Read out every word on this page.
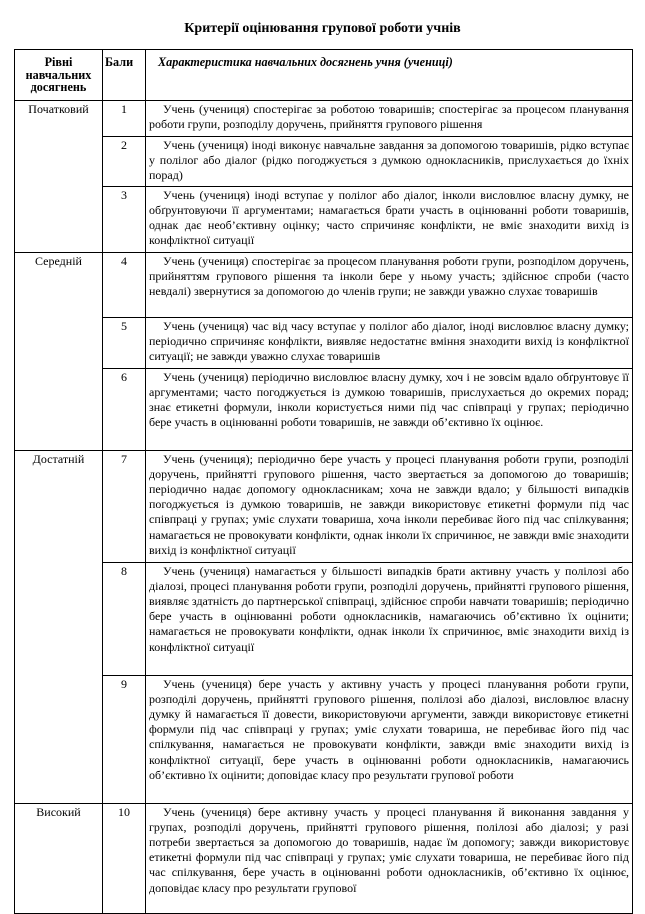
Критерії оцінювання групової роботи учнів
Рівні навчальних досягнень	Бали	Характеристика навчальних досягнень учня (учениці)
Початковий	1	Учень (учениця) спостерігає за роботою товаришів; спостерігає за процесом планування роботи групи, розподілу доручень, прийняття групового рішення

	2	Учень (учениця) іноді виконує навчальне завдання за допомогою товаришів, рідко вступає у полілог або діалог (рідко погоджується з думкою однокласників, прислухається до їхніх порад)

	3	Учень (учениця) іноді вступає у полілог або діалог, інколи висловлює власну думку, не обґрунтовуючи її аргументами; намагається брати участь в оцінюванні роботи товаришів, однак дає необ’єктивну оцінку; часто спричиняє конфлікти, не вміє знаходити вихід із конфліктної ситуації

Середній	4	Учень (учениця) спостерігає за процесом планування роботи групи, розподілом доручень, прийняттям групового рішення та інколи бере у ньому участь; здійснює спроби (часто невдалі) звернутися за допомогою до членів групи; не завжди уважно слухає товаришів

	5	Учень (учениця) час від часу вступає у полілог або діалог, іноді висловлює власну думку; періодично спричиняє конфлікти, виявляє недостатнє вміння знаходити вихід із конфліктної ситуації; не завжди уважно слухає товаришів

	6	Учень (учениця) періодично висловлює власну думку, хоч і не зовсім вдало обґрунтовує її аргументами; часто погоджується із думкою товаришів, прислухається до окремих порад; знає етикетні формули, інколи користується ними під час співпраці у групах; періодично бере участь в оцінюванні роботи товаришів, не завжди об’єктивно їх оцінює.

Достатній	7	Учень (учениця); періодично бере участь у процесі планування роботи групи, розподілі доручень, прийнятті групового рішення, часто звертається за допомогою до товаришів; періодично надає допомогу однокласникам; хоча не завжди вдало; у більшості випадків погоджується із думкою товаришів, не завжди використовує етикетні формули під час співпраці у групах; уміє слухати товариша, хоча інколи перебиває його під час спілкування; намагається не провокувати конфлікти, однак інколи їх спричинює, не завжди вміє знаходити вихід із конфліктної ситуації

	8	Учень (учениця) намагається у більшості випадків брати активну участь у полілозі або діалозі, процесі планування роботи групи, розподілі доручень, прийнятті групового рішення, виявляє здатність до партнерської співпраці, здійснює спроби навчати товаришів; періодично бере участь в оцінюванні роботи однокласників, намагаючись об’єктивно їх оцінити; намагається не провокувати конфлікти, однак інколи їх спричинює, вміє знаходити вихід із конфліктної ситуації

	9	Учень (учениця) бере участь у активну участь у процесі планування роботи групи, розподілі доручень, прийнятті групового рішення, полілозі або діалозі, висловлює власну думку й намагається її довести, використовуючи аргументи, завжди використовує етикетні формули під час співпраці у групах; уміє слухати товариша, не перебиває його під час спілкування, намагається не провокувати конфлікти, завжди вміє знаходити вихід із конфліктної ситуації, бере участь в оцінюванні роботи однокласників, намагаючись об’єктивно їх оцінити; доповідає класу про результати групової роботи

Високий	10	Учень (учениця) бере активну участь у процесі планування й виконання завдання у групах, розподілі доручень, прийнятті групового рішення, полілозі або діалозі; у разі потреби звертається за допомогою до товаришів, надає їм допомогу; завжди використовує етикетні формули під час співпраці у групах; уміє слухати товариша, не перебиває його під час спілкування, бере участь в оцінюванні роботи однокласників, об’єктивно їх оцінює, доповідає класу про результати групової
